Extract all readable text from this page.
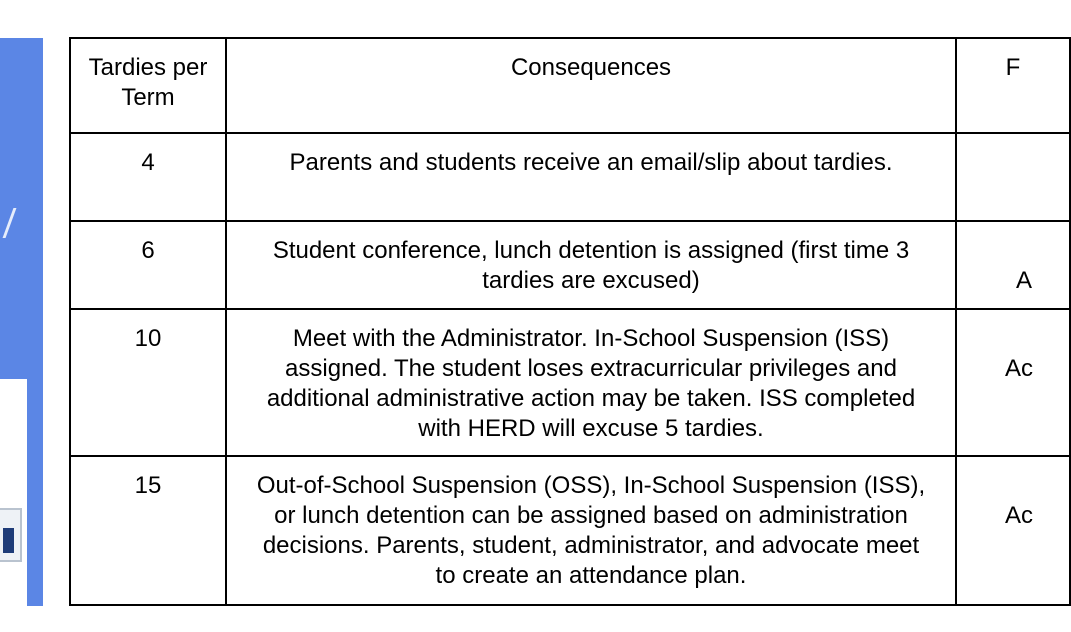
Tardies per Term	Consequences	F
4	Parents and students receive an email/slip about tardies.	
6	Student conference, lunch detention is assigned (first time 3 tardies are excused)	A
10	Meet with the Administrator. In-School Suspension (ISS) assigned. The student loses extracurricular privileges and additional administrative action may be taken. ISS completed with HERD will excuse 5 tardies.	Ac
15	Out-of-School Suspension (OSS), In-School Suspension (ISS), or lunch detention can be assigned based on administration decisions. Parents, student, administrator, and advocate meet to create an attendance plan.	Ac
